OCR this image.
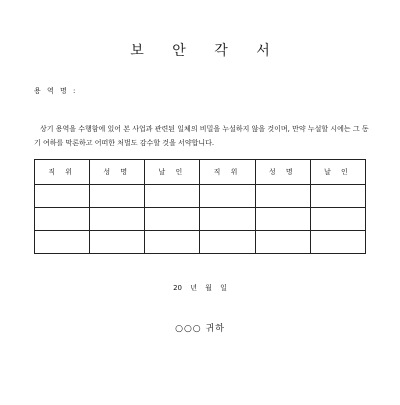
보 안 각 서
용 역 명 :
상기 용역을 수행함에 있어 본 사업과 관련된 일체의 비밀을 누설하지 않을 것이며, 만약 누설할 시에는 그 동기 여하를 막론하고 어떠한 처벌도 감수할 것을 서약합니다.
직 위	성 명	날 인	직 위	성 명	날 인

20 년 월 일
○○○ 귀하
